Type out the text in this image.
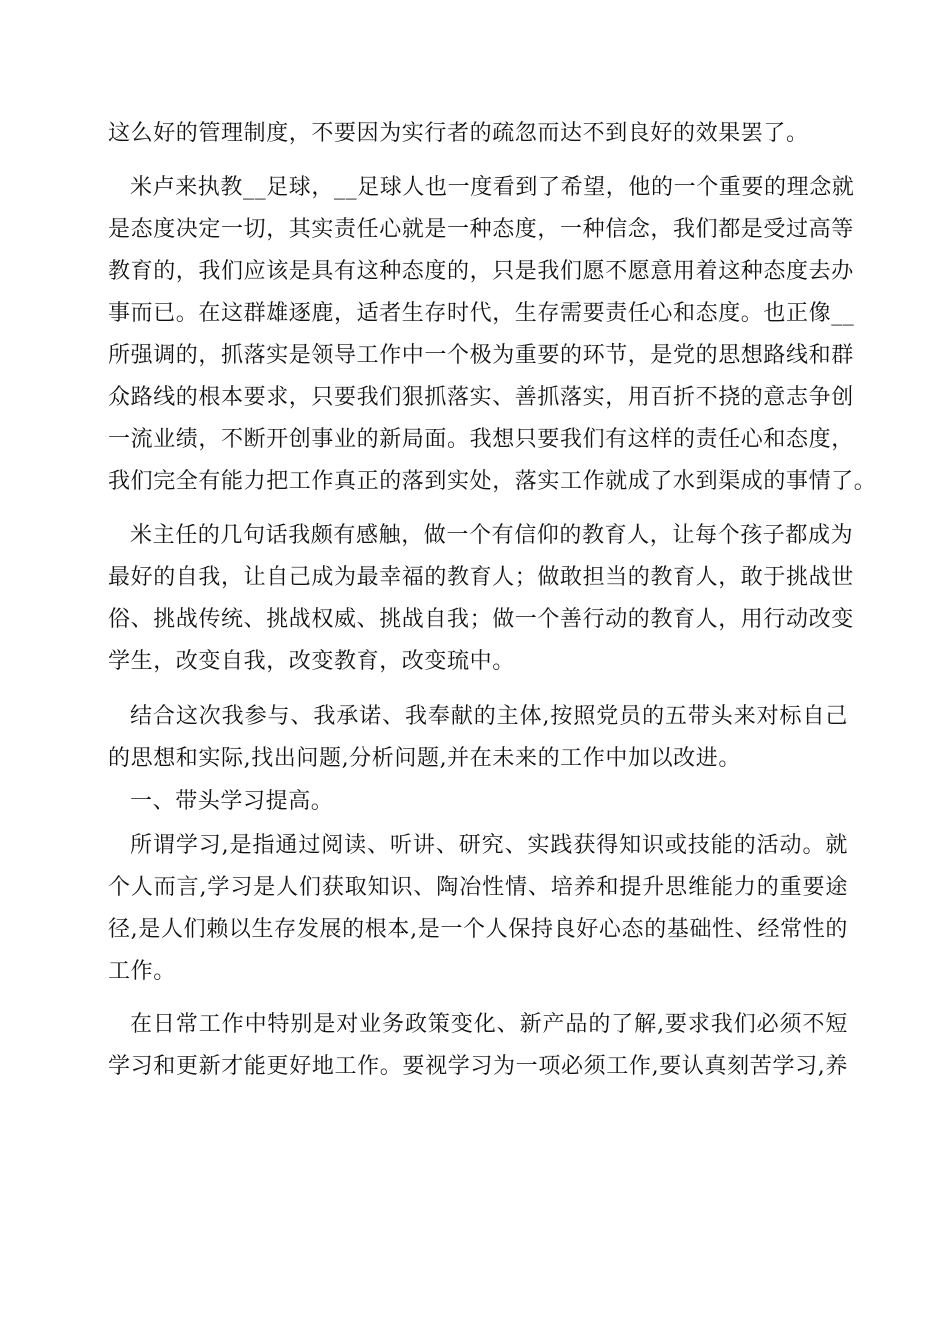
这么好的管理制度，不要因为实行者的疏忽而达不到良好的效果罢了。
米卢来执教__足球，__足球人也一度看到了希望，他的一个重要的理念就
是态度决定一切，其实责任心就是一种态度，一种信念，我们都是受过高等
教育的，我们应该是具有这种态度的，只是我们愿不愿意用着这种态度去办
事而已。在这群雄逐鹿，适者生存时代，生存需要责任心和态度。也正像__
所强调的，抓落实是领导工作中一个极为重要的环节，是党的思想路线和群
众路线的根本要求，只要我们狠抓落实、善抓落实，用百折不挠的意志争创
一流业绩，不断开创事业的新局面。我想只要我们有这样的责任心和态度，
我们完全有能力把工作真正的落到实处，落实工作就成了水到渠成的事情了。
米主任的几句话我颇有感触，做一个有信仰的教育人，让每个孩子都成为
最好的自我，让自己成为最幸福的教育人；做敢担当的教育人，敢于挑战世
俗、挑战传统、挑战权威、挑战自我；做一个善行动的教育人，用行动改变
学生，改变自我，改变教育，改变琉中。
结合这次我参与、我承诺、我奉献的主体,按照党员的五带头来对标自己
的思想和实际,找出问题,分析问题,并在未来的工作中加以改进。
一、带头学习提高。
所谓学习,是指通过阅读、听讲、研究、实践获得知识或技能的活动。就
个人而言,学习是人们获取知识、陶冶性情、培养和提升思维能力的重要途
径,是人们赖以生存发展的根本,是一个人保持良好心态的基础性、经常性的
工作。
在日常工作中特别是对业务政策变化、新产品的了解,要求我们必须不短
学习和更新才能更好地工作。要视学习为一项必须工作,要认真刻苦学习,养
